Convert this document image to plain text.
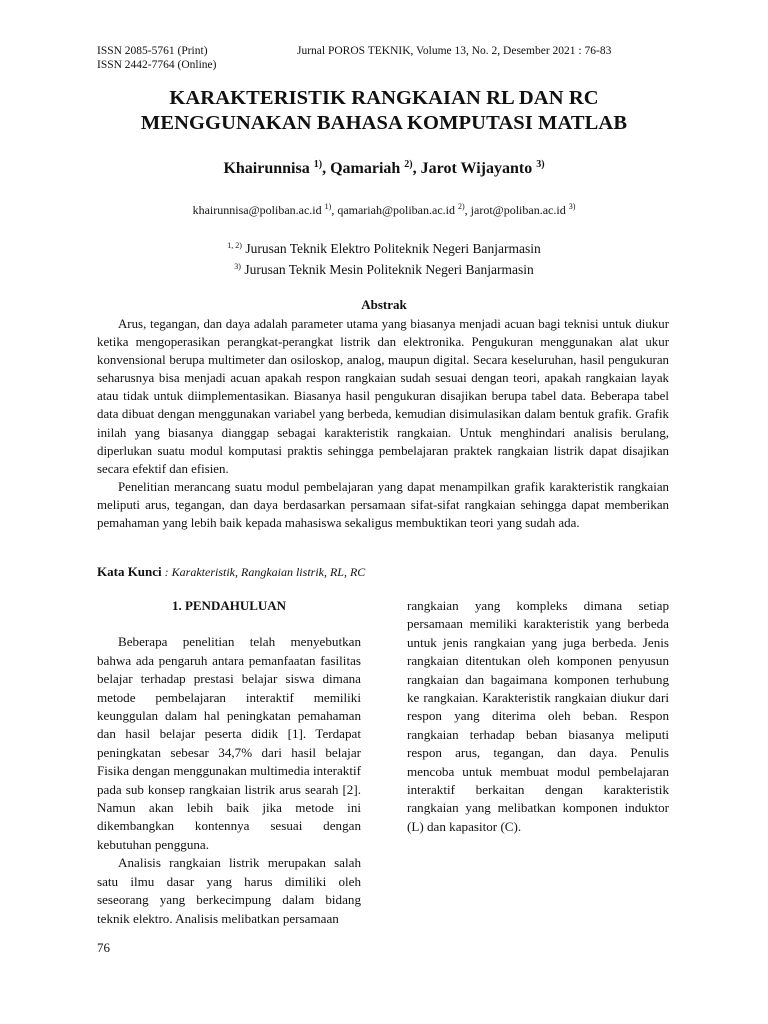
ISSN 2085-5761 (Print)
ISSN 2442-7764 (Online)
Jurnal POROS TEKNIK, Volume 13, No. 2, Desember 2021 : 76-83
KARAKTERISTIK RANGKAIAN RL DAN RC
MENGGUNAKAN BAHASA KOMPUTASI MATLAB
Khairunnisa $^{1)}$, Qamariah $^{2)}$, Jarot Wijayanto $^{3)}$
khairunnisa@poliban.ac.id $^{1)}$, qamariah@poliban.ac.id $^{2)}$, jarot@poliban.ac.id $^{3)}$
$^{1, 2)}$ Jurusan Teknik Elektro Politeknik Negeri Banjarmasin
$^{3)}$ Jurusan Teknik Mesin Politeknik Negeri Banjarmasin
Abstrak

Arus, tegangan, dan daya adalah parameter utama yang biasanya menjadi acuan bagi teknisi untuk diukur ketika mengoperasikan perangkat-perangkat listrik dan elektronika. Pengukuran menggunakan alat ukur konvensional berupa multimeter dan osiloskop, analog, maupun digital. Secara keseluruhan, hasil pengukuran seharusnya bisa menjadi acuan apakah respon rangkaian sudah sesuai dengan teori, apakah rangkaian layak atau tidak untuk diimplementasikan. Biasanya hasil pengukuran disajikan berupa tabel data. Beberapa tabel data dibuat dengan menggunakan variabel yang berbeda, kemudian disimulasikan dalam bentuk grafik. Grafik inilah yang biasanya dianggap sebagai karakteristik rangkaian. Untuk menghindari analisis berulang, diperlukan suatu modul komputasi praktis sehingga pembelajaran praktek rangkaian listrik dapat disajikan secara efektif dan efisien.

Penelitian merancang suatu modul pembelajaran yang dapat menampilkan grafik karakteristik rangkaian meliputi arus, tegangan, dan daya berdasarkan persamaan sifat-sifat rangkaian sehingga dapat memberikan pemahaman yang lebih baik kepada mahasiswa sekaligus membuktikan teori yang sudah ada.

Kata Kunci : Karakteristik, Rangkaian listrik, RL, RC
1. PENDAHULUAN

Beberapa penelitian telah menyebutkan bahwa ada pengaruh antara pemanfaatan fasilitas belajar terhadap prestasi belajar siswa dimana metode pembelajaran interaktif memiliki keunggulan dalam hal peningkatan pemahaman dan hasil belajar peserta didik [1]. Terdapat peningkatan sebesar 34,7% dari hasil belajar Fisika dengan menggunakan multimedia interaktif pada sub konsep rangkaian listrik arus searah [2]. Namun akan lebih baik jika metode ini dikembangkan kontennya sesuai dengan kebutuhan pengguna.

Analisis rangkaian listrik merupakan salah satu ilmu dasar yang harus dimiliki oleh seseorang yang berkecimpung dalam bidang teknik elektro. Analisis melibatkan persamaan

rangkaian yang kompleks dimana setiap persamaan memiliki karakteristik yang berbeda untuk jenis rangkaian yang juga berbeda. Jenis rangkaian ditentukan oleh komponen penyusun rangkaian dan bagaimana komponen terhubung ke rangkaian. Karakteristik rangkaian diukur dari respon yang diterima oleh beban. Respon rangkaian terhadap beban biasanya meliputi respon arus, tegangan, dan daya. Penulis mencoba untuk membuat modul pembelajaran interaktif berkaitan dengan karakteristik rangkaian yang melibatkan komponen induktor (L) dan kapasitor (C).

76
